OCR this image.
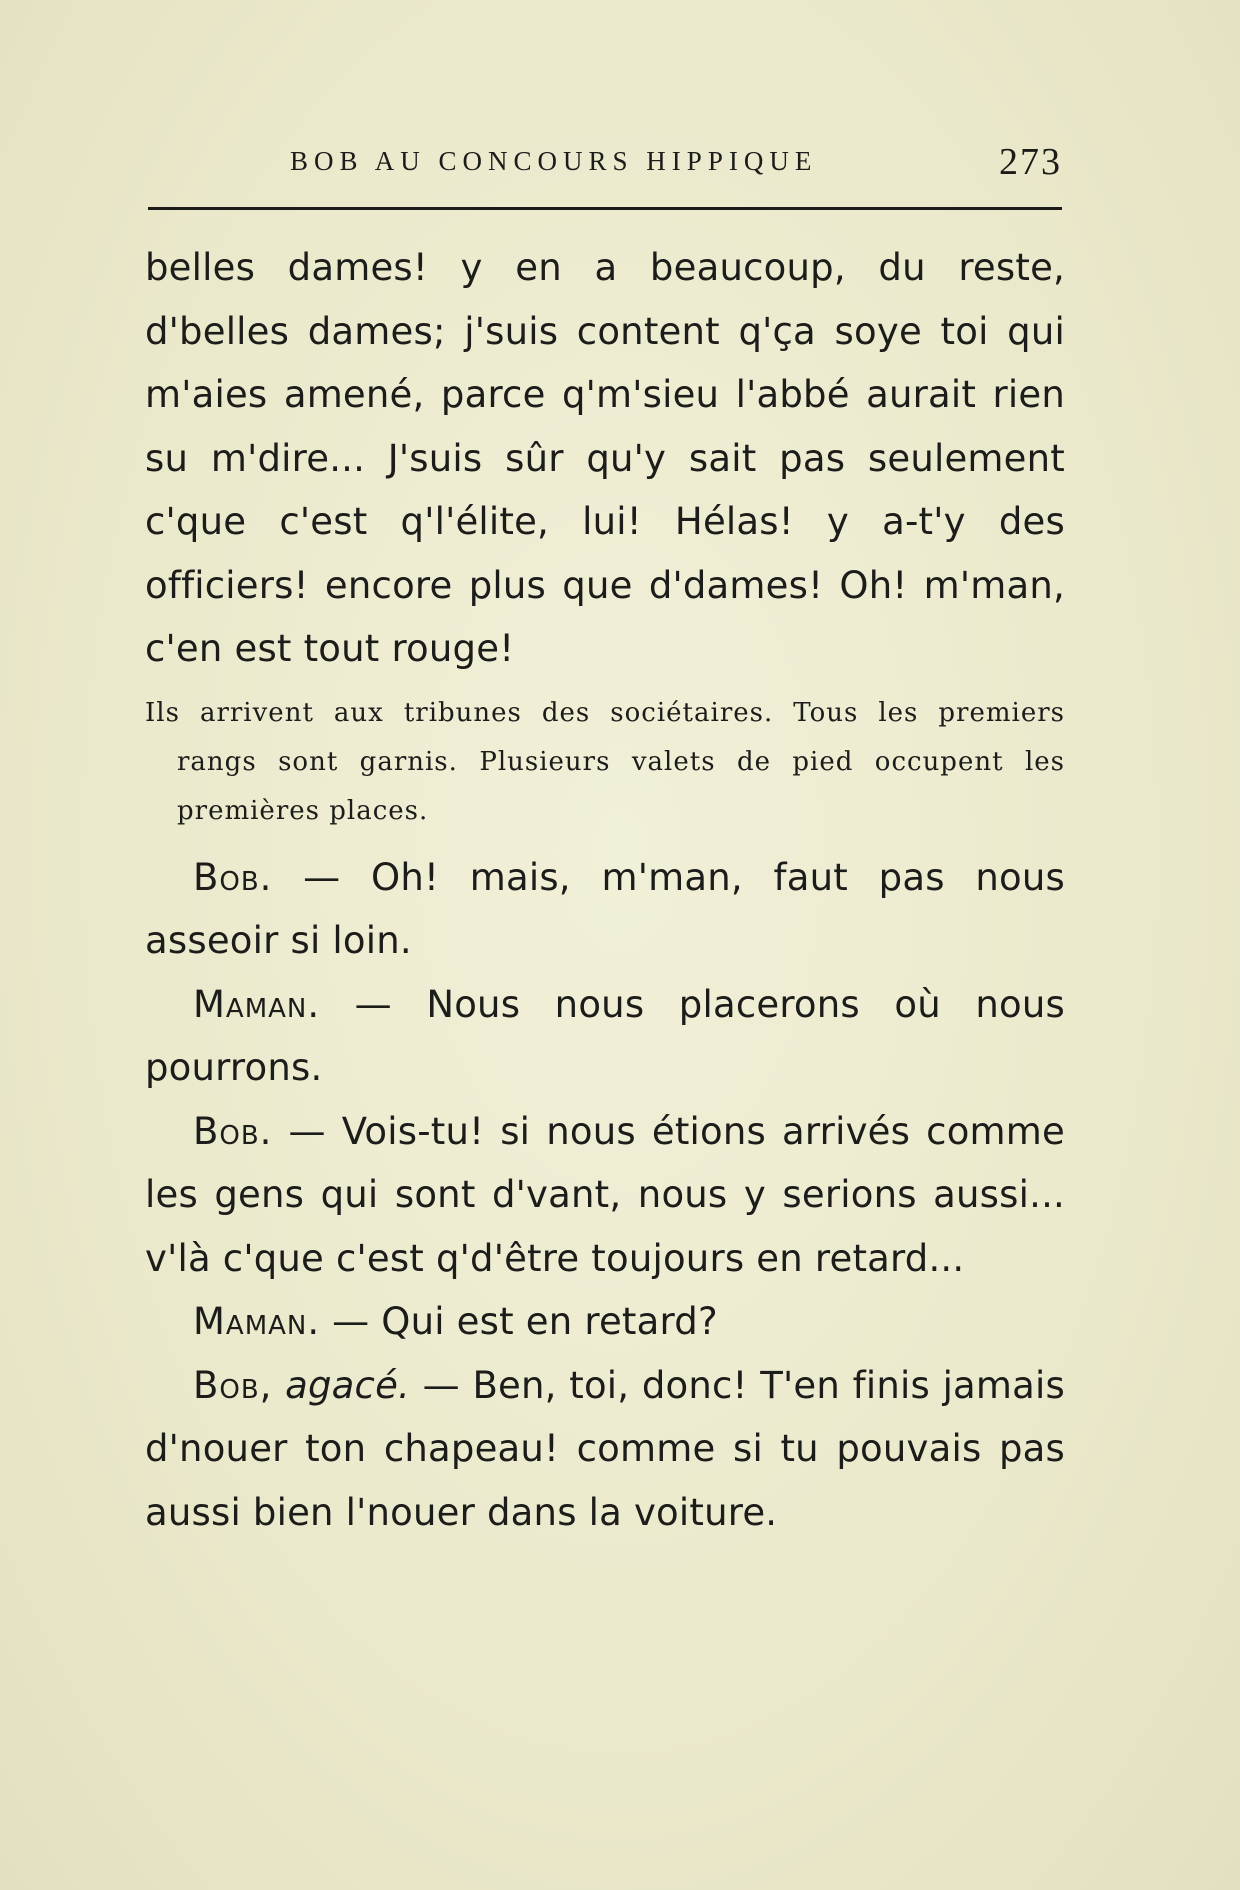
BOB AU CONCOURS HIPPIQUE	273

belles dames! y en a beaucoup, du reste, d'belles dames; j'suis content q'ça soye toi qui m'aies amené, parce q'm'sieu l'abbé aurait rien su m'dire... J'suis sûr qu'y sait pas seulement c'que c'est q'l'élite, lui! Hélas! y a-t'y des officiers! encore plus que d'dames! Oh! m'man, c'en est tout rouge!

Ils arrivent aux tribunes des sociétaires. Tous les premiers rangs sont garnis. Plusieurs valets de pied occupent les premières places.

Bob. — Oh! mais, m'man, faut pas nous asseoir si loin.

Maman. — Nous nous placerons où nous pourrons.

Bob. — Vois-tu! si nous étions arrivés comme les gens qui sont d'vant, nous y serions aussi... v'là c'que c'est q'd'être toujours en retard...

Maman. — Qui est en retard?

Bob, agacé. — Ben, toi, donc! T'en finis jamais d'nouer ton chapeau! comme si tu pouvais pas aussi bien l'nouer dans la voiture.
